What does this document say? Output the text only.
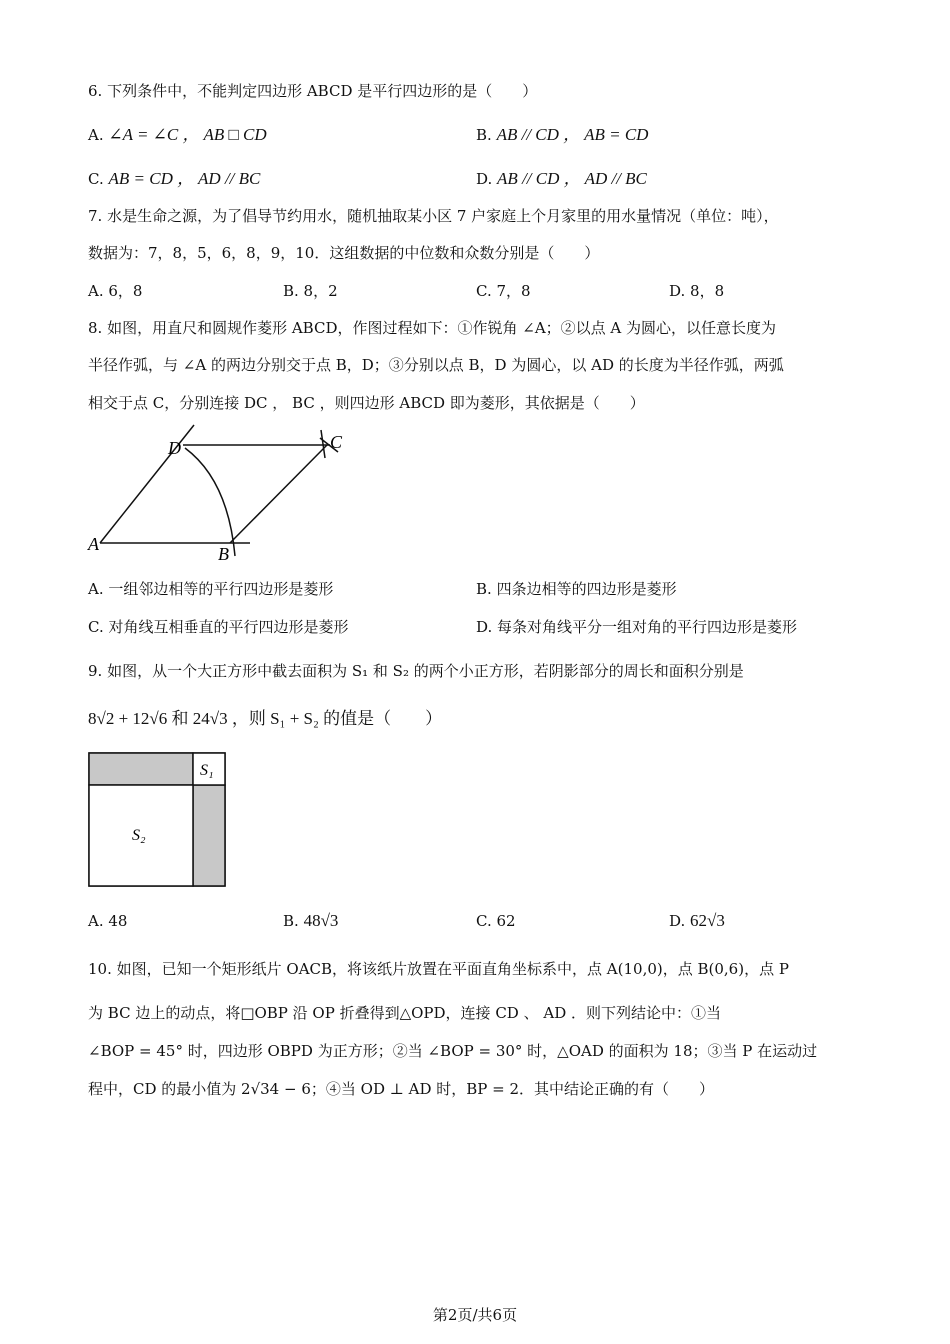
6. 下列条件中，不能判定四边形 ABCD 是平行四边形的是（　　）
A. ∠A = ∠C ， AB □ CD	B. AB // CD ， AB = CD
C. AB = CD ， AD // BC	D. AB // CD ， AD // BC
7. 水是生命之源，为了倡导节约用水，随机抽取某小区 7 户家庭上个月家里的用水量情况（单位：吨），
数据为：7，8，5，6，8，9，10．这组数据的中位数和众数分别是（　　）
A. 6，8	B. 8，2	C. 7，8	D. 8，8
8. 如图，用直尺和圆规作菱形 ABCD，作图过程如下：①作锐角 ∠A；②以点 A 为圆心，以任意长度为
半径作弧，与 ∠A 的两边分别交于点 B，D；③分别以点 B，D 为圆心，以 AD 的长度为半径作弧，两弧
相交于点 C，分别连接 DC ， BC ，则四边形 ABCD 即为菱形，其依据是（　　）
A	B
C
D
A. 一组邻边相等的平行四边形是菱形	B. 四条边相等的四边形是菱形
C. 对角线互相垂直的平行四边形是菱形	D. 每条对角线平分一组对角的平行四边形是菱形
9. 如图，从一个大正方形中截去面积为 S₁ 和 S₂ 的两个小正方形，若阴影部分的周长和面积分别是
8√2 + 12√6 和 24√3 ，则 S₁ + S₂ 的值是（　　）
S₁
S₂
A. 48	B. 48√3	C. 62	D. 62√3
10. 如图，已知一个矩形纸片 OACB，将该纸片放置在平面直角坐标系中，点 A(10,0)，点 B(0,6)，点 P
为 BC 边上的动点，将□OBP 沿 OP 折叠得到△OPD，连接 CD 、 AD ．则下列结论中：①当
∠BOP = 45° 时，四边形 OBPD 为正方形；②当 ∠BOP = 30° 时，△OAD 的面积为 18；③当 P 在运动过
程中，CD 的最小值为 2√34 − 6；④当 OD ⊥ AD 时，BP = 2．其中结论正确的有（　　）
第2页/共6页
